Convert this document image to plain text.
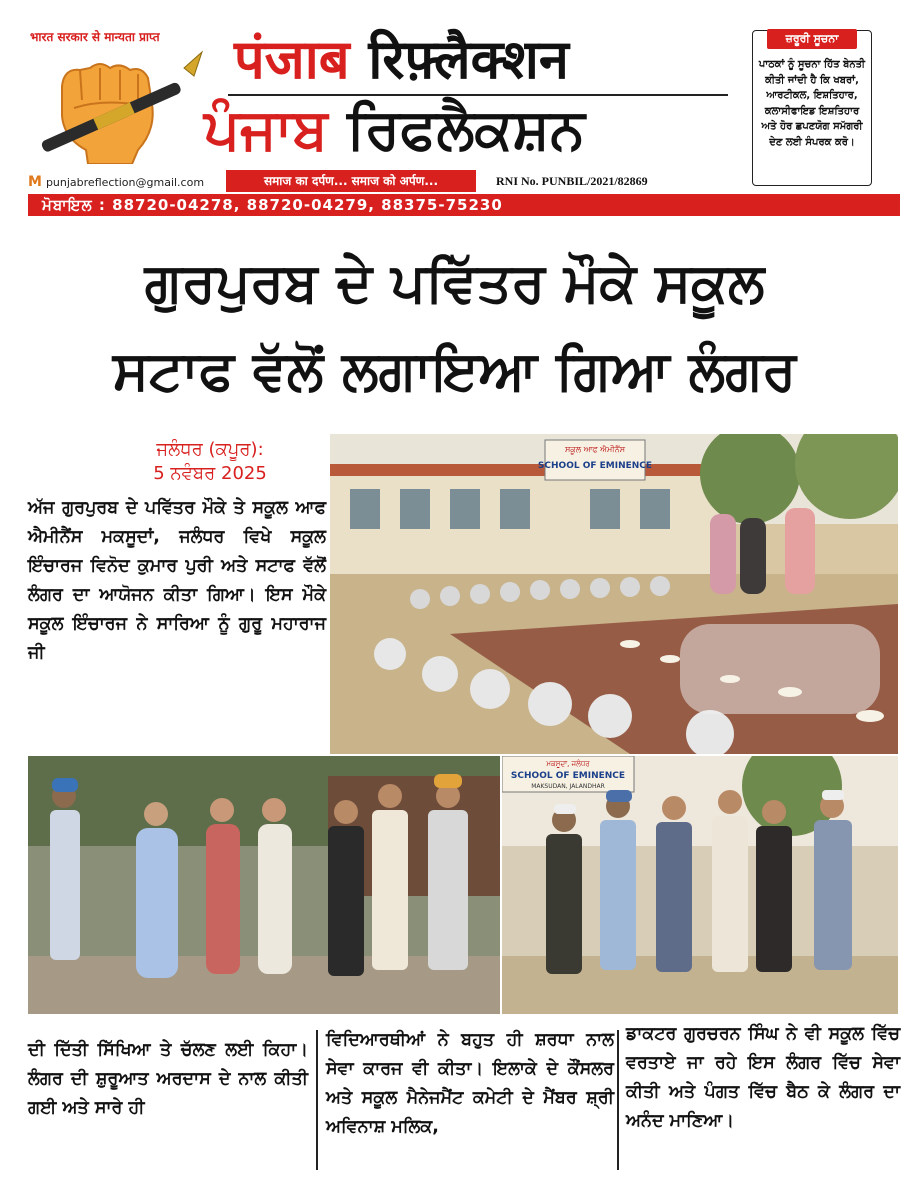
भारत सरकार से मान्यता प्राप्त पंजाब रिफ़्लैक्शन
ਪੰਜਾਬ ਰਿਫਲੈਕਸ਼ਨ
M punjabreflection@gmail.com	समाज का दर्पण... समाज को अर्पण...	RNI No. PUNBIL/2021/82869
ਜ਼ਰੂਰੀ ਸੂਚਨਾ
ਪਾਠਕਾਂ ਨੂੰ ਸੂਚਨਾ ਹਿੱਤ ਬੇਨਤੀ ਕੀਤੀ ਜਾਂਦੀ ਹੈ ਕਿ ਖਬਰਾਂ, ਆਰਟੀਕਲ, ਇਸ਼ਤਿਹਾਰ, ਕਲਾਸੀਫਾਇਡ ਇਸ਼ਤਿਹਾਰ ਅਤੇ ਹੋਰ ਛਪਣਯੋਗ ਸਮੱਗਰੀ ਦੇਣ ਲਈ ਸੰਪਰਕ ਕਰੋ।
ਮੋਬਾਇਲ : 88720-04278, 88720-04279, 88375-75230
ਗੁਰਪੁਰਬ ਦੇ ਪਵਿੱਤਰ ਮੌਕੇ ਸਕੂਲ
ਸਟਾਫ ਵੱਲੋਂ ਲਗਾਇਆ ਗਿਆ ਲੰਗਰ
ਜਲੰਧਰ (ਕਪੂਰ):
5 ਨਵੰਬਰ 2025
ਅੱਜ ਗੁਰਪੁਰਬ ਦੇ ਪਵਿੱਤਰ ਮੌਕੇ ਤੇ ਸਕੂਲ ਆਫ ਐਮੀਨੈਂਸ ਮਕਸੂਦਾਂ, ਜਲੰਧਰ ਵਿਖੇ ਸਕੂਲ ਇੰਚਾਰਜ ਵਿਨੋਦ ਕੁਮਾਰ ਪੁਰੀ ਅਤੇ ਸਟਾਫ ਵੱਲੋਂ ਲੰਗਰ ਦਾ ਆਯੋਜਨ ਕੀਤਾ ਗਿਆ। ਇਸ ਮੌਕੇ ਸਕੂਲ ਇੰਚਾਰਜ ਨੇ ਸਾਰਿਆ ਨੂੰ ਗੁਰੂ ਮਹਾਰਾਜ ਜੀ
ਸਕੂਲ ਆਫ ਐਮੀਨੈਂਸ
SCHOOL OF EMINENCE
ਮਕਸੂਦਾਂ, ਜਲੰਧਰ
SCHOOL OF EMINENCE
MAKSUDAN, JALANDHAR
ਦੀ ਦਿੱਤੀ ਸਿੱਖਿਆ ਤੇ ਚੱਲਣ ਲਈ ਕਿਹਾ। ਲੰਗਰ ਦੀ ਸ਼ੁਰੂਆਤ ਅਰਦਾਸ ਦੇ ਨਾਲ ਕੀਤੀ ਗਈ ਅਤੇ ਸਾਰੇ ਹੀ
ਵਿਦਿਆਰਥੀਆਂ ਨੇ ਬਹੁਤ ਹੀ ਸ਼ਰਧਾ ਨਾਲ ਸੇਵਾ ਕਾਰਜ ਵੀ ਕੀਤਾ। ਇਲਾਕੇ ਦੇ ਕੌਂਸਲਰ ਅਤੇ ਸਕੂਲ ਮੈਨੇਜਮੈਂਟ ਕਮੇਟੀ ਦੇ ਮੈਂਬਰ ਸ਼੍ਰੀ ਅਵਿਨਾਸ਼ ਮਲਿਕ,
ਡਾਕਟਰ ਗੁਰਚਰਨ ਸਿੰਘ ਨੇ ਵੀ ਸਕੂਲ ਵਿੱਚ ਵਰਤਾਏ ਜਾ ਰਹੇ ਇਸ ਲੰਗਰ ਵਿੱਚ ਸੇਵਾ ਕੀਤੀ ਅਤੇ ਪੰਗਤ ਵਿੱਚ ਬੈਠ ਕੇ ਲੰਗਰ ਦਾ ਅਨੰਦ ਮਾਣਿਆ।
